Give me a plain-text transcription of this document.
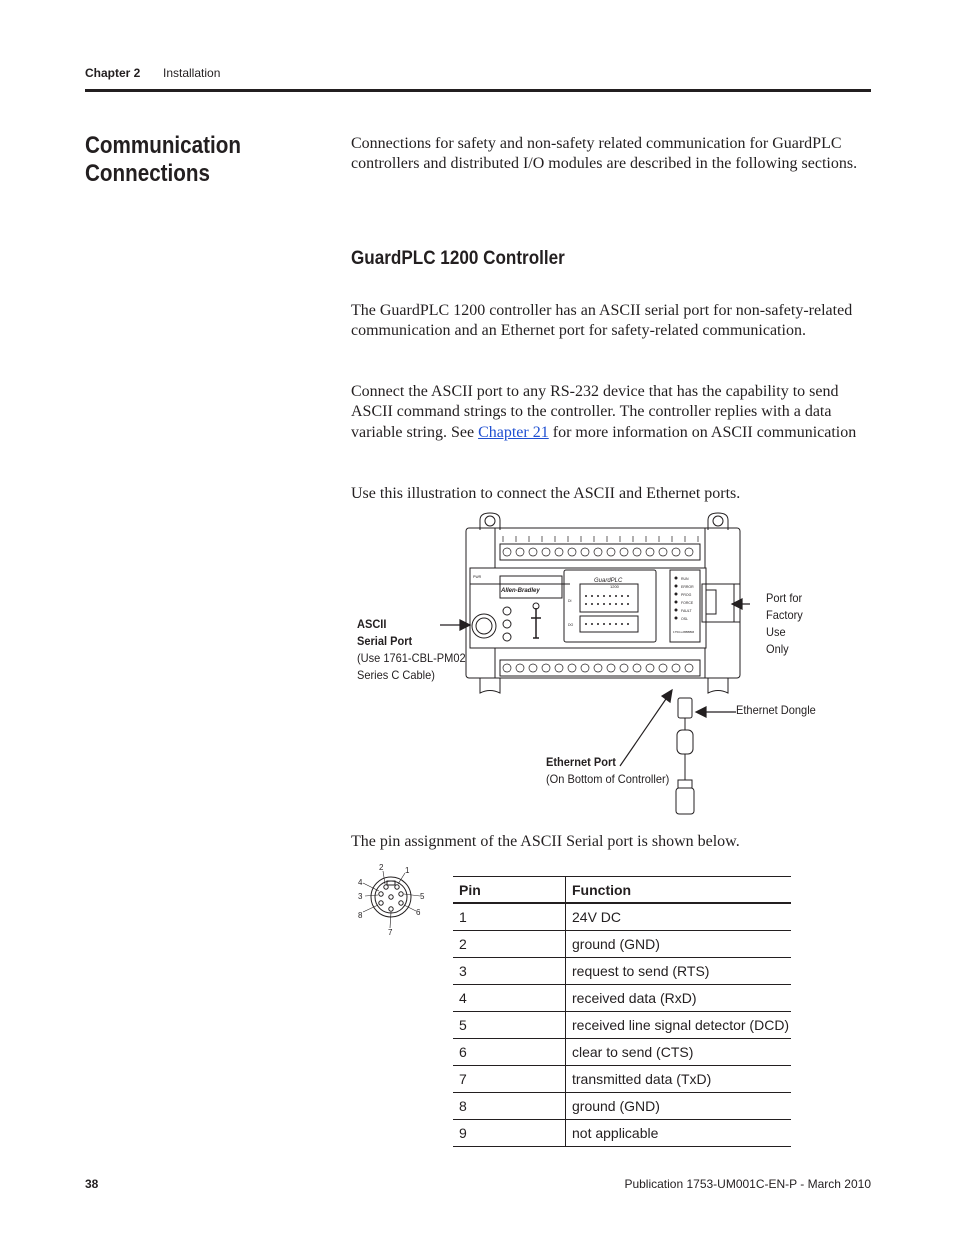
Chapter 2 Installation
Communication Connections
Connections for safety and non-safety related communication for GuardPLC controllers and distributed I/O modules are described in the following sections.
GuardPLC 1200 Controller
The GuardPLC 1200 controller has an ASCII serial port for non-safety-related communication and an Ethernet port for safety-related communication.
Connect the ASCII port to any RS-232 device that has the capability to send ASCII command strings to the controller. The controller replies with a data variable string. See Chapter 21 for more information on ASCII communication
Use this illustration to connect the ASCII and Ethernet ports.
Allen-Bradley
GuardPLC
1200
RUN
ERROR
PROG
FORCE
FAULT
OSL
1753-L28BBBM
DI
DO
PWR
ASCII
Serial Port
(Use 1761-CBL-PM02
Series C Cable)
Port for
Factory
Use
Only
Ethernet Dongle
Ethernet Port
(On Bottom of Controller)
The pin assignment of the ASCII Serial port is shown below.
2	1
4
3	5
8	6
7
Pin	Function
1	24V DC
2	ground (GND)
3	request to send (RTS)
4	received data (RxD)
5	received line signal detector (DCD)
6	clear to send (CTS)
7	transmitted data (TxD)
8	ground (GND)
9	not applicable
38	Publication 1753-UM001C-EN-P - March 2010
